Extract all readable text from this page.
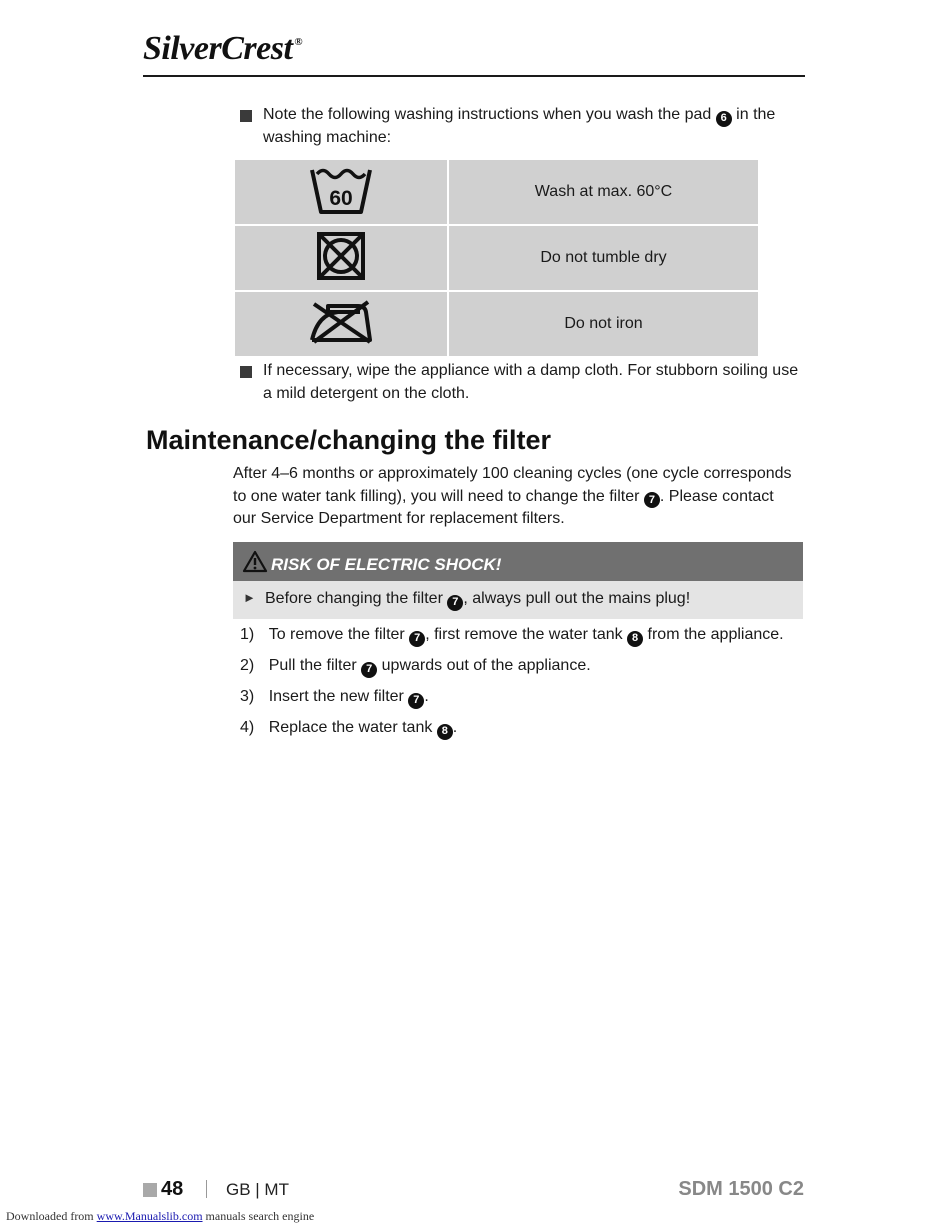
SilverCrest ®
Note the following washing instructions when you wash the pad 6 in the
washing machine:
60	Wash at max. 60°C
	Do not tumble dry
	Do not iron
If necessary, wipe the appliance with a damp cloth. For stubborn soiling use
a mild detergent on the cloth.
Maintenance/changing the filter
After 4–6 months or approximately 100 cleaning cycles (one cycle corresponds
to one water tank filling), you will need to change the filter 7 . Please contact
our Service Department for replacement filters.
RISK OF ELECTRIC SHOCK!
► Before changing the filter 7 , always pull out the mains plug!
1) To remove the filter 7 , first remove the water tank 8 from the appliance.
2) Pull the filter 7 upwards out of the appliance.
3) Insert the new filter 7 .
4) Replace the water tank 8 .
48	GB | MT	SDM 1500 C2
Downloaded from www.Manualslib.com manuals search engine
